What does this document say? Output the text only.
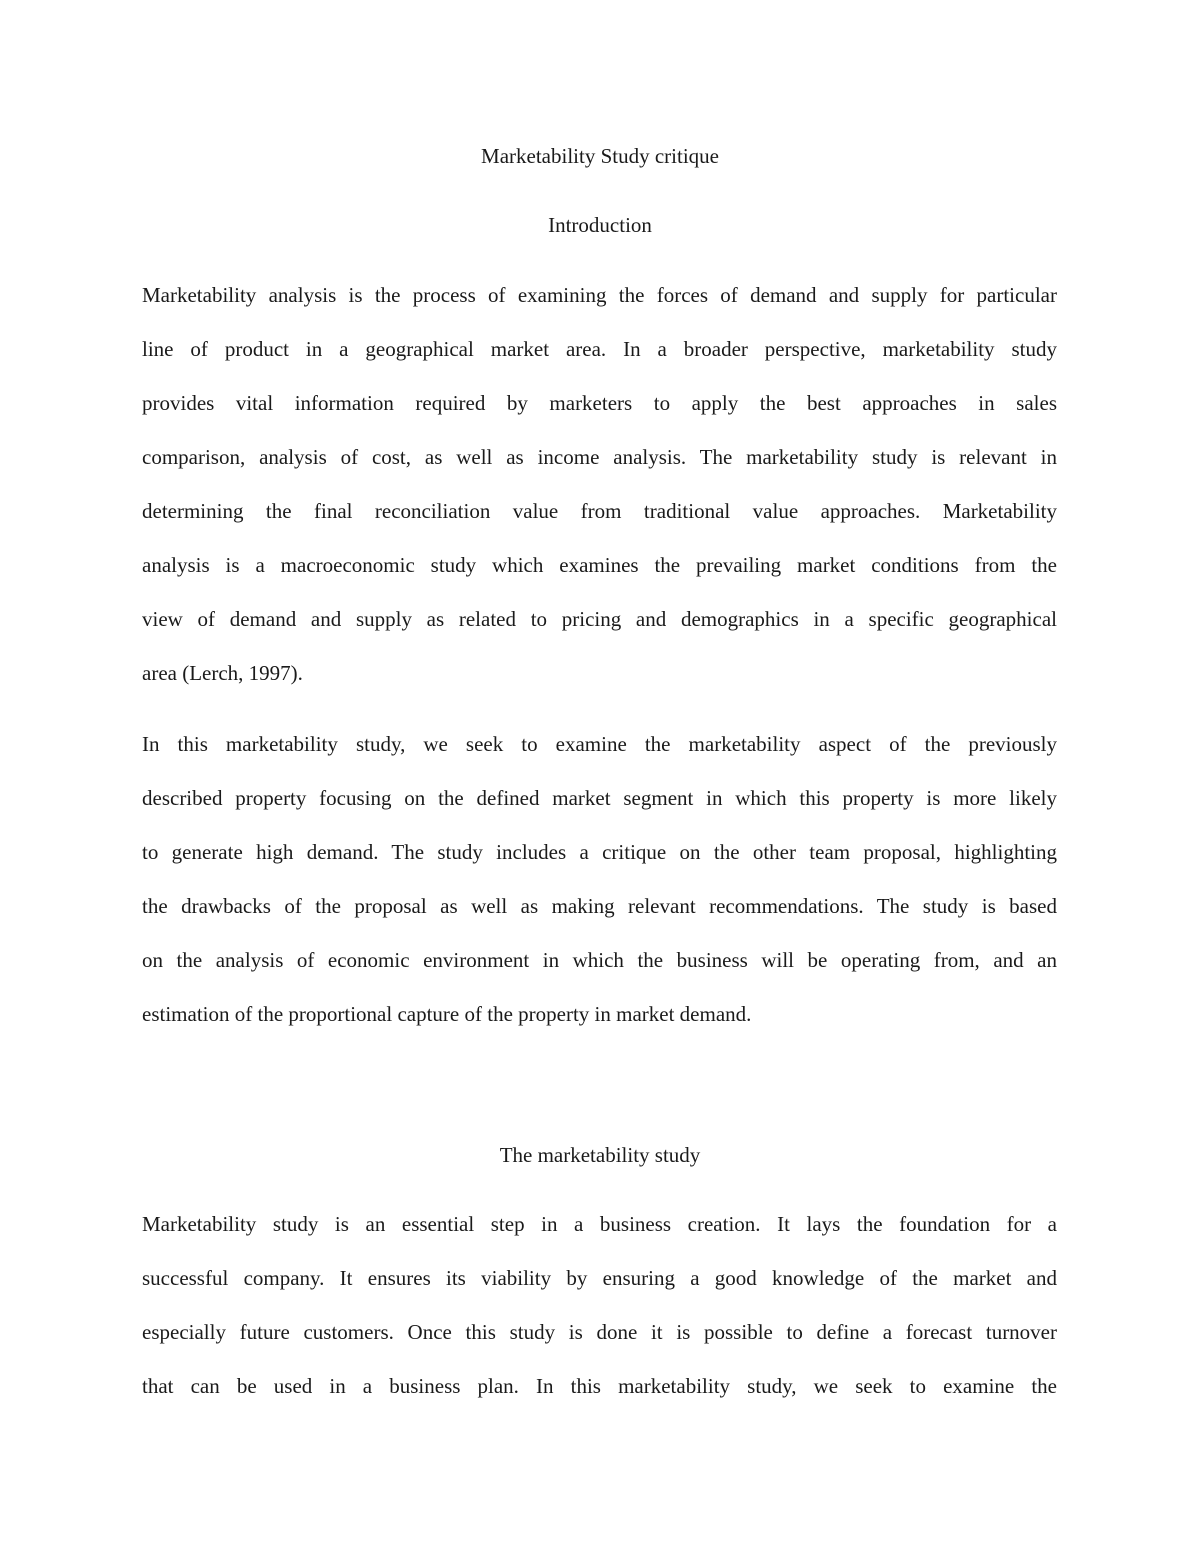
Marketability Study critique
Introduction
Marketability analysis is the process of examining the forces of demand and supply for particular
line of product in a geographical market area. In a broader perspective, marketability study
provides vital information required by marketers to apply the best approaches in sales
comparison, analysis of cost, as well as income analysis. The marketability study is relevant in
determining the final reconciliation value from traditional value approaches. Marketability
analysis is a macroeconomic study which examines the prevailing market conditions from the
view of demand and supply as related to pricing and demographics in a specific geographical
area (Lerch, 1997).
In this marketability study, we seek to examine the marketability aspect of the previously
described property focusing on the defined market segment in which this property is more likely
to generate high demand. The study includes a critique on the other team proposal, highlighting
the drawbacks of the proposal as well as making relevant recommendations. The study is based
on the analysis of economic environment in which the business will be operating from, and an
estimation of the proportional capture of the property in market demand.
The marketability study
Marketability study is an essential step in a business creation. It lays the foundation for a
successful company. It ensures its viability by ensuring a good knowledge of the market and
especially future customers. Once this study is done it is possible to define a forecast turnover
that can be used in a business plan. In this marketability study, we seek to examine the
